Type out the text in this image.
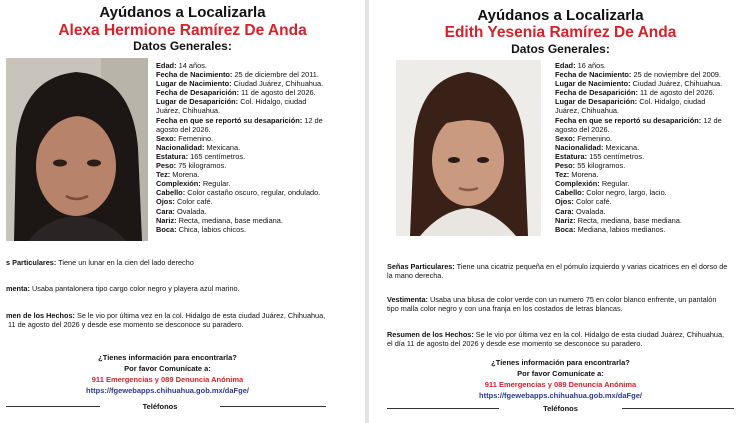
Ayúdanos a Localizarla
Alexa Hermione Ramírez De Anda
Datos Generales:
Edad: 14 años.
Fecha de Nacimiento: 25 de diciembre del 2011.
Lugar de Nacimiento: Ciudad Juárez, Chihuahua.
Fecha de Desaparición: 11 de agosto del 2026.
Lugar de Desaparición: Col. Hidalgo, ciudad
Juárez, Chihuahua.
Fecha en que se reportó su desaparición: 12 de
agosto del 2026.
Sexo: Femenino.
Nacionalidad: Mexicana.
Estatura: 165 centímetros.
Peso: 75 kilogramos.
Tez: Morena.
Complexión: Regular.
Cabello: Color castaño oscuro, regular, ondulado.
Ojos: Color café.
Cara: Ovalada.
Nariz: Recta, mediana, base mediana.
Boca: Chica, labios chicos.
s Particulares: Tiene un lunar en la cien del lado derecho
menta: Usaba pantalonera tipo cargo color negro y playera azul marino.
men de los Hechos: Se le vio por última vez en la col. Hidalgo de esta ciudad Juárez, Chihuahua,
11 de agosto del 2026 y desde ese momento se desconoce su paradero.
¿Tienes información para encontrarla?
Por favor Comunícate a:
911 Emergencias y 089 Denuncia Anónima
https://fgewebapps.chihuahua.gob.mx/daFge/
Teléfonos
Ayúdanos a Localizarla
Edith Yesenia Ramírez De Anda
Datos Generales:
Edad: 16 años.
Fecha de Nacimiento: 25 de noviembre del 2009.
Lugar de Nacimiento: Ciudad Juárez, Chihuahua.
Fecha de Desaparición: 11 de agosto del 2026.
Lugar de Desaparición: Col. Hidalgo, ciudad
Juárez, Chihuahua.
Fecha en que se reportó su desaparición: 12 de
agosto del 2026.
Sexo: Femenino.
Nacionalidad: Mexicana.
Estatura: 155 centímetros.
Peso: 55 kilogramos.
Tez: Morena.
Complexión: Regular.
Cabello: Color negro, largo, lacio.
Ojos: Color café.
Cara: Ovalada.
Nariz: Recta, mediana, base mediana.
Boca: Mediana, labios medianos.
Señas Particulares: Tiene una cicatriz pequeña en el pómulo izquierdo y varias cicatrices en el dorso de
la mano derecha.
Vestimenta: Usaba una blusa de color verde con un numero 75 en color blanco enfrente, un pantalón
tipo malla color negro y con una franja en los costados de letras blancas.
Resumen de los Hechos: Se le vio por última vez en la col. Hidalgo de esta ciudad Juárez, Chihuahua,
el día 11 de agosto del 2026 y desde ese momento se desconoce su paradero.
¿Tienes información para encontrarla?
Por favor Comunícate a:
911 Emergencias y 089 Denuncia Anónima
https://fgewebapps.chihuahua.gob.mx/daFge/
Teléfonos
